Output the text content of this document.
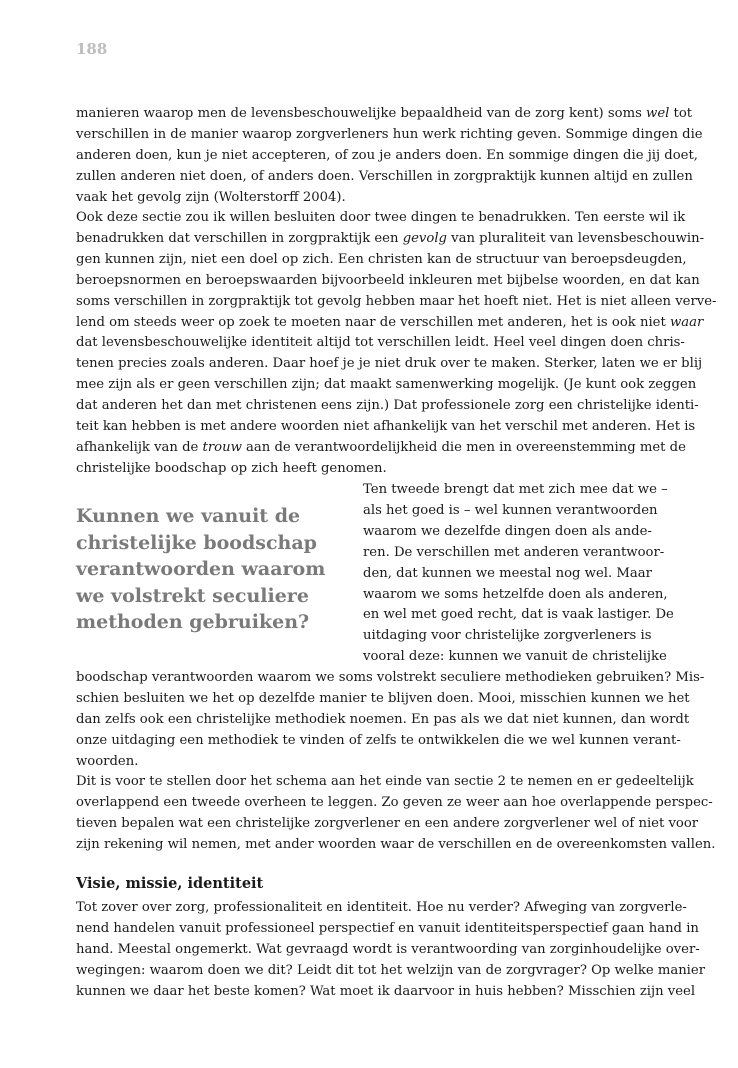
188
manieren waarop men de levensbeschouwelijke bepaaldheid van de zorg kent) soms wel tot
verschillen in de manier waarop zorgverleners hun werk richting geven. Sommige dingen die
anderen doen, kun je niet accepteren, of zou je anders doen. En sommige dingen die jij doet,
zullen anderen niet doen, of anders doen. Verschillen in zorgpraktijk kunnen altijd en zullen
vaak het gevolg zijn (Wolterstorff 2004).
Ook deze sectie zou ik willen besluiten door twee dingen te benadrukken. Ten eerste wil ik
benadrukken dat verschillen in zorgpraktijk een gevolg van pluraliteit van levensbeschouwin-
gen kunnen zijn, niet een doel op zich. Een christen kan de structuur van beroepsdeugden,
beroepsnormen en beroepswaarden bijvoorbeeld inkleuren met bijbelse woorden, en dat kan
soms verschillen in zorgpraktijk tot gevolg hebben maar het hoeft niet. Het is niet alleen verve-
lend om steeds weer op zoek te moeten naar de verschillen met anderen, het is ook niet waar
dat levensbeschouwelijke identiteit altijd tot verschillen leidt. Heel veel dingen doen chris-
tenen precies zoals anderen. Daar hoef je je niet druk over te maken. Sterker, laten we er blij
mee zijn als er geen verschillen zijn; dat maakt samenwerking mogelijk. (Je kunt ook zeggen
dat anderen het dan met christenen eens zijn.) Dat professionele zorg een christelijke identi-
teit kan hebben is met andere woorden niet afhankelijk van het verschil met anderen. Het is
afhankelijk van de trouw aan de verantwoordelijkheid die men in overeenstemming met de
christelijke boodschap op zich heeft genomen.
Kunnen we vanuit de
christelijke boodschap
verantwoorden waarom
we volstrekt seculiere
methoden gebruiken?
Ten tweede brengt dat met zich mee dat we –
als het goed is – wel kunnen verantwoorden
waarom we dezelfde dingen doen als ande-
ren. De verschillen met anderen verantwoor-
den, dat kunnen we meestal nog wel. Maar
waarom we soms hetzelfde doen als anderen,
en wel met goed recht, dat is vaak lastiger. De
uitdaging voor christelijke zorgverleners is
vooral deze: kunnen we vanuit de christelijke
boodschap verantwoorden waarom we soms volstrekt seculiere methodieken gebruiken? Mis-
schien besluiten we het op dezelfde manier te blijven doen. Mooi, misschien kunnen we het
dan zelfs ook een christelijke methodiek noemen. En pas als we dat niet kunnen, dan wordt
onze uitdaging een methodiek te vinden of zelfs te ontwikkelen die we wel kunnen verant-
woorden.
Dit is voor te stellen door het schema aan het einde van sectie 2 te nemen en er gedeeltelijk
overlappend een tweede overheen te leggen. Zo geven ze weer aan hoe overlappende perspec-
tieven bepalen wat een christelijke zorgverlener en een andere zorgverlener wel of niet voor
zijn rekening wil nemen, met ander woorden waar de verschillen en de overeenkomsten vallen.
Visie, missie, identiteit
Tot zover over zorg, professionaliteit en identiteit. Hoe nu verder? Afweging van zorgverle-
nend handelen vanuit professioneel perspectief en vanuit identiteitsperspectief gaan hand in
hand. Meestal ongemerkt. Wat gevraagd wordt is verantwoording van zorginhoudelijke over-
wegingen: waarom doen we dit? Leidt dit tot het welzijn van de zorgvrager? Op welke manier
kunnen we daar het beste komen? Wat moet ik daarvoor in huis hebben? Misschien zijn veel
